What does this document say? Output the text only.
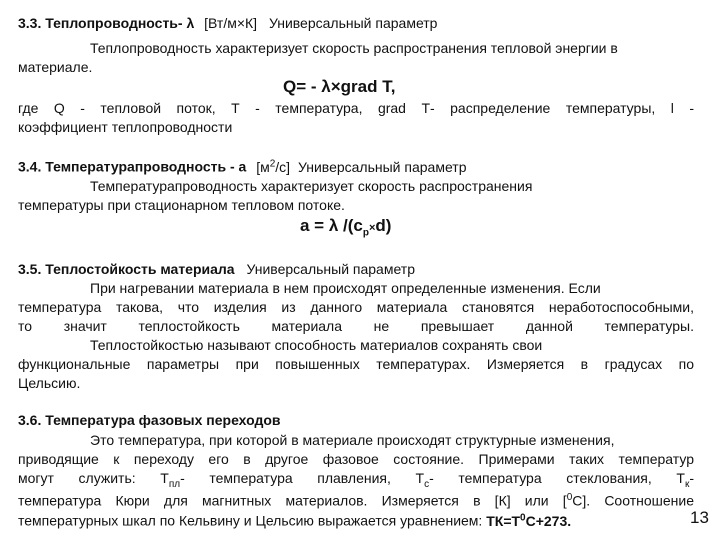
3.3. Теплопроводность- λ [Вт/м×К] Универсальный параметр
Теплопроводность характеризует скорость распространения тепловой энергии в
материале.
Q= - λ×grad T,
где Q - тепловой поток, Т - температура, grad Т- распределение температуры, l -
коэффициент теплопроводности
3.4. Температурапроводность - а $[м^2/с]$ Универсальный параметр
Температурапроводность характеризует скорость распространения
температуры при стационарном тепловом потоке.
а = λ $/(с_р\times d)$
3.5. Теплостойкость материала Универсальный параметр
При нагревании материала в нем происходят определенные изменения. Если
температура такова, что изделия из данного материала становятся неработоспособными,
то значит теплостойкость материала не превышает данной температуры.
Теплостойкостью называют способность материалов сохранять свои
функциональные параметры при повышенных температурах. Измеряется в градусах по
Цельсию.
3.6. Температура фазовых переходов
Это температура, при которой в материале происходят структурные изменения,
приводящие к переходу его в другое фазовое состояние. Примерами таких температур
могут служить: $Т_{пл}-$ температура плавления, $Т_с-$ температура стеклования, $Т_к-$
температура Кюри для магнитных материалов. Измеряется в [К] или [$^0$С]. Соотношение
температурных шкал по Кельвину и Цельсию выражается уравнением: $ТК=Т^0С+273$.	13
